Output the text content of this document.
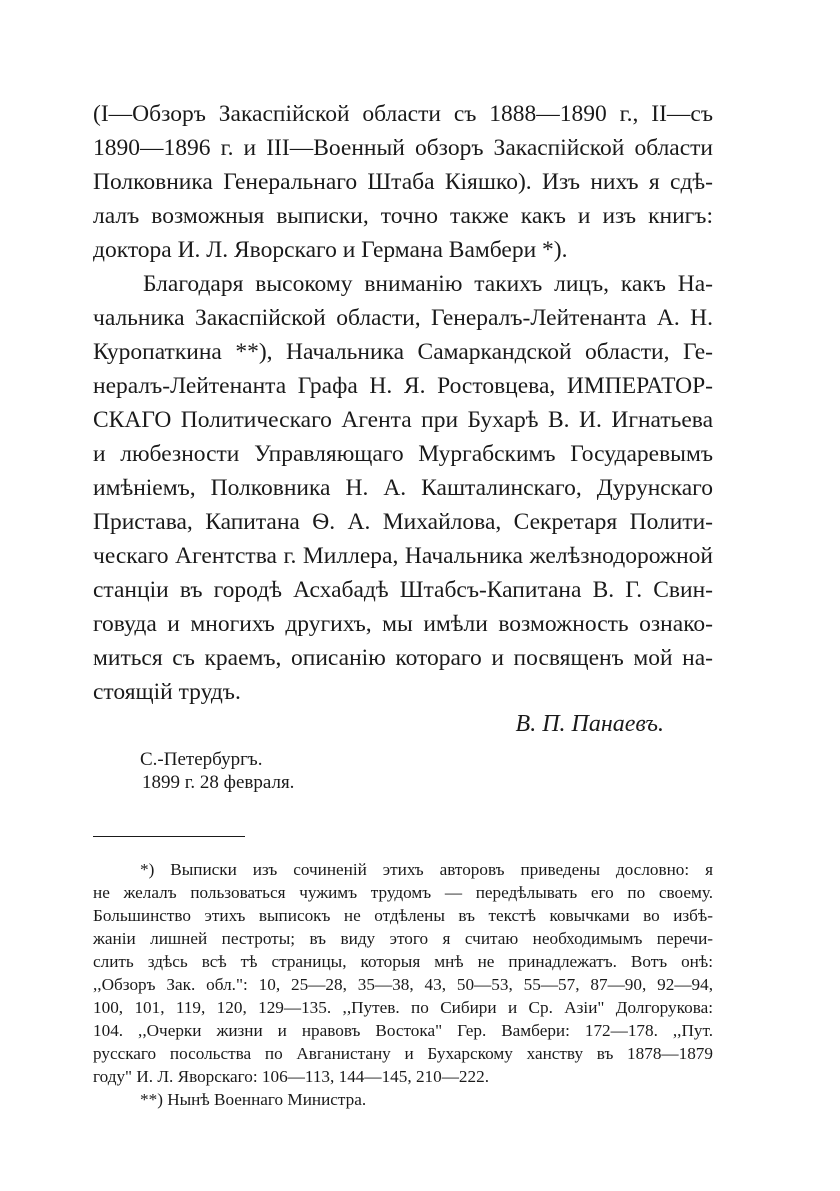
(I—Обзоръ Закаспійской области съ 1888—1890 г., II—съ
1890—1896 г. и III—Военный обзоръ Закаспійской области
Полковника Генеральнаго Штаба Кіяшко). Изъ нихъ я сдѣ-
лалъ возможныя выписки, точно также какъ и изъ книгъ:
доктора И. Л. Яворскаго и Германа Вамбери *).
Благодаря высокому вниманію такихъ лицъ, какъ На-
чальника Закаспійской области, Генералъ-Лейтенанта А. Н.
Куропаткина **), Начальника Самаркандской области, Ге-
нералъ-Лейтенанта Графа Н. Я. Ростовцева, ИМПЕРАТОР-
СКАГО Политическаго Агента при Бухарѣ В. И. Игнатьева
и любезности Управляющаго Мургабскимъ Государевымъ
имѣніемъ, Полковника Н. А. Кашталинскаго, Дурунскаго
Пристава, Капитана Ѳ. А. Михайлова, Секретаря Полити-
ческаго Агентства г. Миллера, Начальника желѣзнодорожной
станціи въ городѣ Асхабадѣ Штабсъ-Капитана В. Г. Свин-
говуда и многихъ другихъ, мы имѣли возможность ознако-
миться съ краемъ, описанію котораго и посвященъ мой на-
стоящій трудъ.
В. П. Панаевъ.
С.-Петербургъ.
1899 г. 28 февраля.
*) Выписки изъ сочиненій этихъ авторовъ приведены дословно: я
не желалъ пользоваться чужимъ трудомъ — передѣлывать его по своему.
Большинство этихъ выписокъ не отдѣлены въ текстѣ ковычками во избѣ-
жаніи лишней пестроты; въ виду этого я считаю необходимымъ перечи-
слить здѣсь всѣ тѣ страницы, которыя мнѣ не принадлежатъ. Вотъ онѣ:
,,Обзоръ Зак. обл.": 10, 25—28, 35—38, 43, 50—53, 55—57, 87—90, 92—94,
100, 101, 119, 120, 129—135. ,,Путев. по Сибири и Ср. Азіи" Долгорукова:
104. ,,Очерки жизни и нравовъ Востока" Гер. Вамбери: 172—178. ,,Пут.
русскаго посольства по Авганистану и Бухарскому ханству въ 1878—1879
году" И. Л. Яворскаго: 106—113, 144—145, 210—222.
**) Нынѣ Военнаго Министра.
